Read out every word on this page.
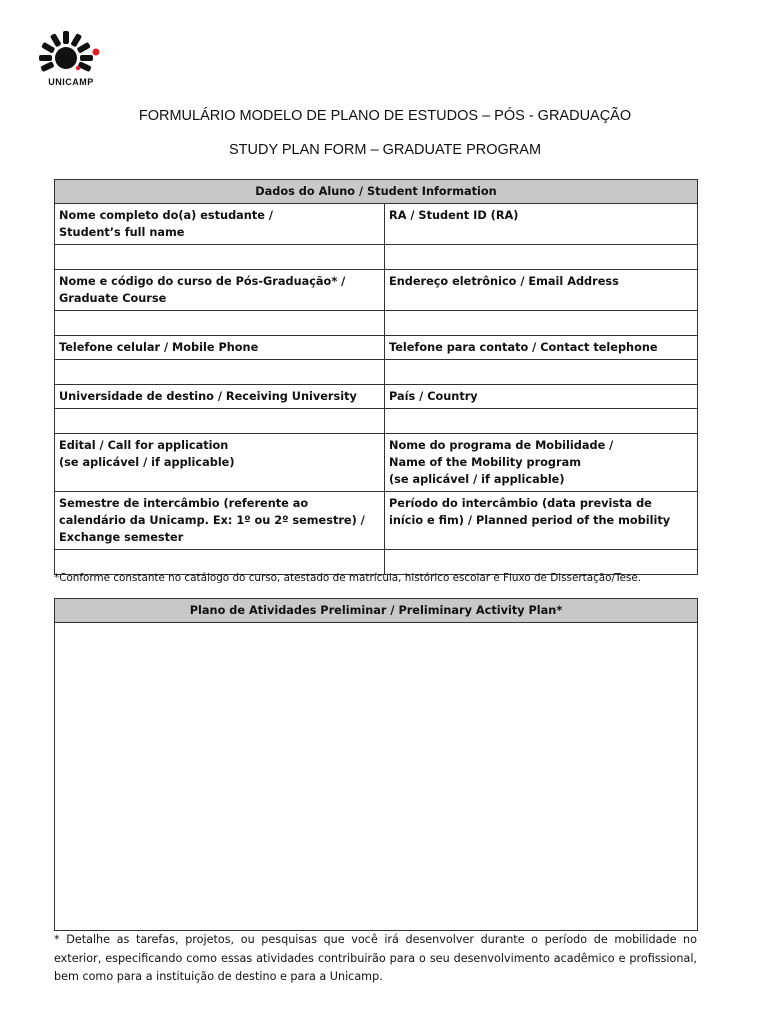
UNICAMP
FORMULÁRIO MODELO DE PLANO DE ESTUDOS – PÓS - GRADUAÇÃO
STUDY PLAN FORM – GRADUATE PROGRAM
Dados do Aluno / Student Information	
Nome completo do(a) estudante /
Student’s full name	RA / Student ID (RA)

Nome e código do curso de Pós-Graduação* /
Graduate Course	Endereço eletrônico / Email Address

Telefone celular / Mobile Phone	Telefone para contato / Contact telephone

Universidade de destino / Receiving University	País / Country

Edital / Call for application
(se aplicável / if applicable)	Nome do programa de Mobilidade /
Name of the Mobility program
(se aplicável / if applicable)
Semestre de intercâmbio (referente ao
calendário da Unicamp. Ex: 1º ou 2º semestre) /
Exchange semester	Período do intercâmbio (data prevista de
início e fim) / Planned period of the mobility

*Conforme constante no catálogo do curso, atestado de matrícula, histórico escolar e Fluxo de Dissertação/Tese.
Plano de Atividades Preliminar / Preliminary Activity Plan*

* Detalhe as tarefas, projetos, ou pesquisas que você irá desenvolver durante o período de mobilidade no exterior, especificando como essas atividades contribuirão para o seu desenvolvimento acadêmico e profissional, bem como para a instituição de destino e para a Unicamp.
